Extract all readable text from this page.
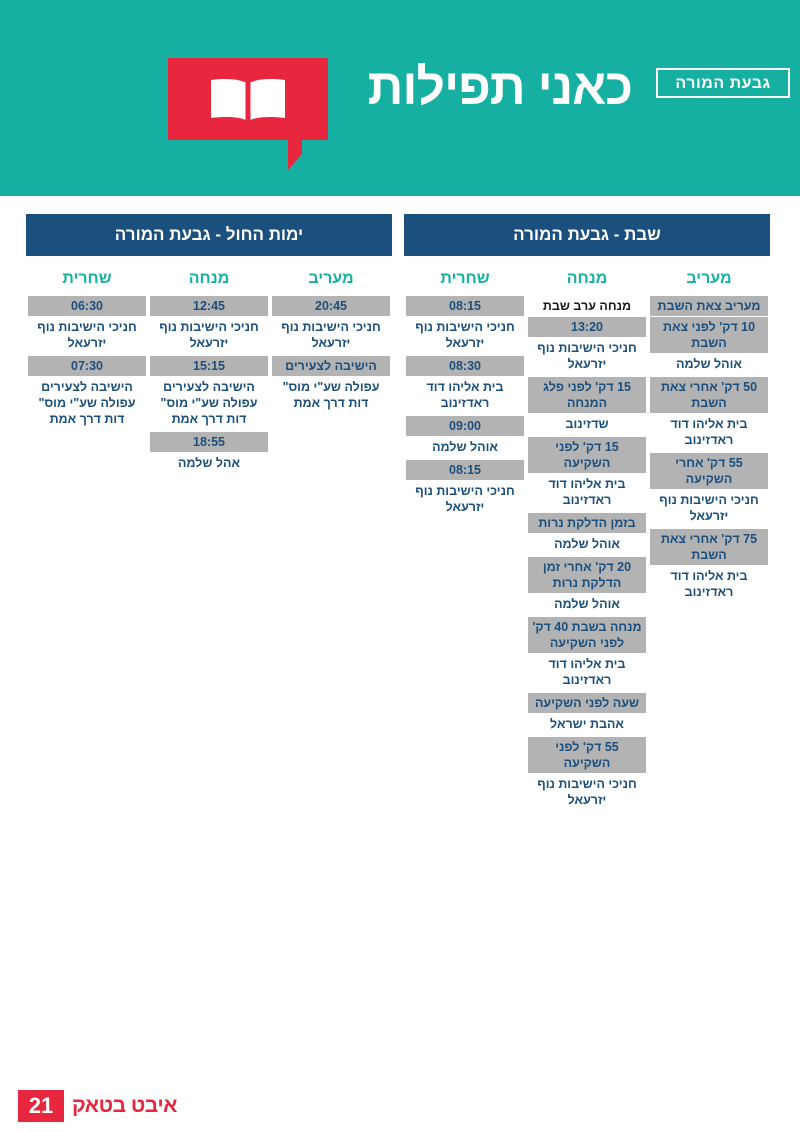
גבעת המורה
כאני תפילות
ימות החול - גבעת המורה
מעריב
20:45
חניכי הישיבות נוף יזרעאל
הישיבה לצעירים
עפולה שע"י מוס" דות דרך אמת
מנחה
12:45
חניכי הישיבות נוף יזרעאל
15:15
הישיבה לצעירים עפולה שע"י מוס" דות דרך אמת
18:55
אהל שלמה
שחרית
06:30
חניכי הישיבות נוף יזרעאל
07:30
הישיבה לצעירים עפולה שע"י מוס" דות דרך אמת
שבת - גבעת המורה
מעריב
מעריב צאת השבת
10 דק' לפני צאת השבת
אוהל שלמה
50 דק' אחרי צאת השבת
בית אליהו דוד ראדזינוב
55 דק' אחרי השקיעה
חניכי הישיבות נוף יזרעאל
75 דק' אחרי צאת השבת
בית אליהו דוד ראדזינוב
מנחה
מנחה ערב שבת
13:20
חניכי הישיבות נוף יזרעאל
15 דק' לפני פלג המנחה
שדזינוב
15 דק' לפני השקיעה
בית אליהו דוד ראדזינוב
בזמן הדלקת נרות
אוהל שלמה
20 דק' אחרי זמן הדלקת נרות
אוהל שלמה
מנחה בשבת 40 דק' לפני השקיעה
בית אליהו דוד ראדזינוב
שעה לפני השקיעה
אהבת ישראל
55 דק' לפני השקיעה
חניכי הישיבות נוף יזרעאל
שחרית
08:15
חניכי הישיבות נוף יזרעאל
08:30
בית אליהו דוד ראדזינוב
09:00
אוהל שלמה
08:15
חניכי הישיבות נוף יזרעאל
21 איבט בטאק
